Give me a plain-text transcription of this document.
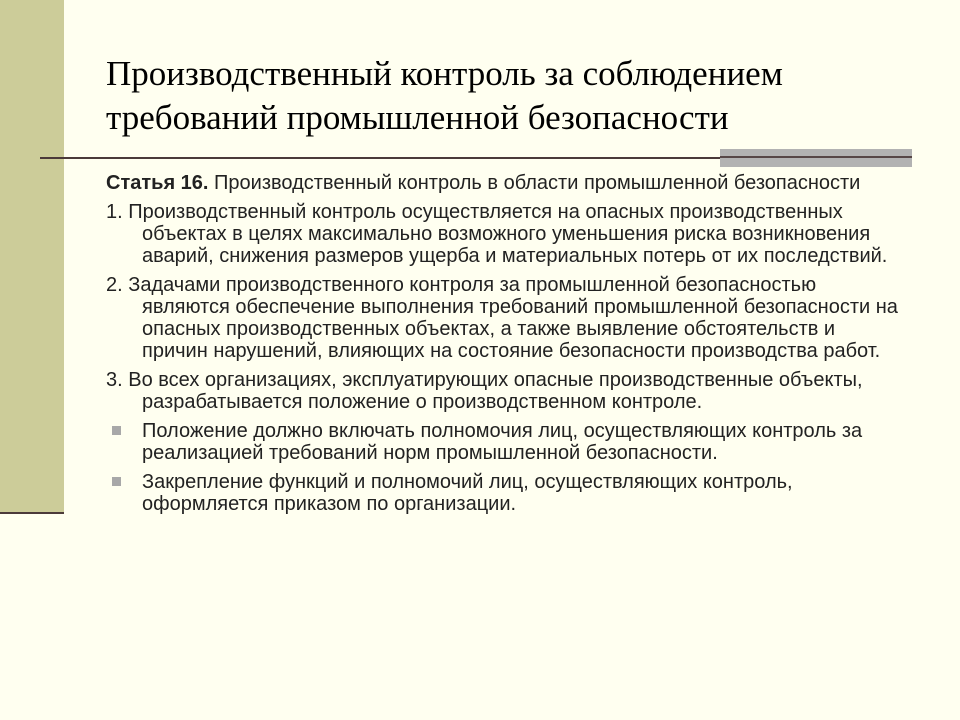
Производственный контроль за соблюдением требований промышленной безопасности

Статья 16. Производственный контроль в области промышленной безопасности

1. Производственный контроль осуществляется на опасных производственных объектах в целях максимально возможного уменьшения риска возникновения аварий, снижения размеров ущерба и материальных потерь от их последствий.

2. Задачами производственного контроля за промышленной безопасностью являются обеспечение выполнения требований промышленной безопасности на опасных производственных объектах, а также выявление обстоятельств и причин нарушений, влияющих на состояние безопасности производства работ.

3. Во всех организациях, эксплуатирующих опасные производственные объекты, разрабатывается положение о производственном контроле.

Положение должно включать полномочия лиц, осуществляющих контроль за реализацией требований норм промышленной безопасности.
Закрепление функций и полномочий лиц, осуществляющих контроль, оформляется приказом по организации.
